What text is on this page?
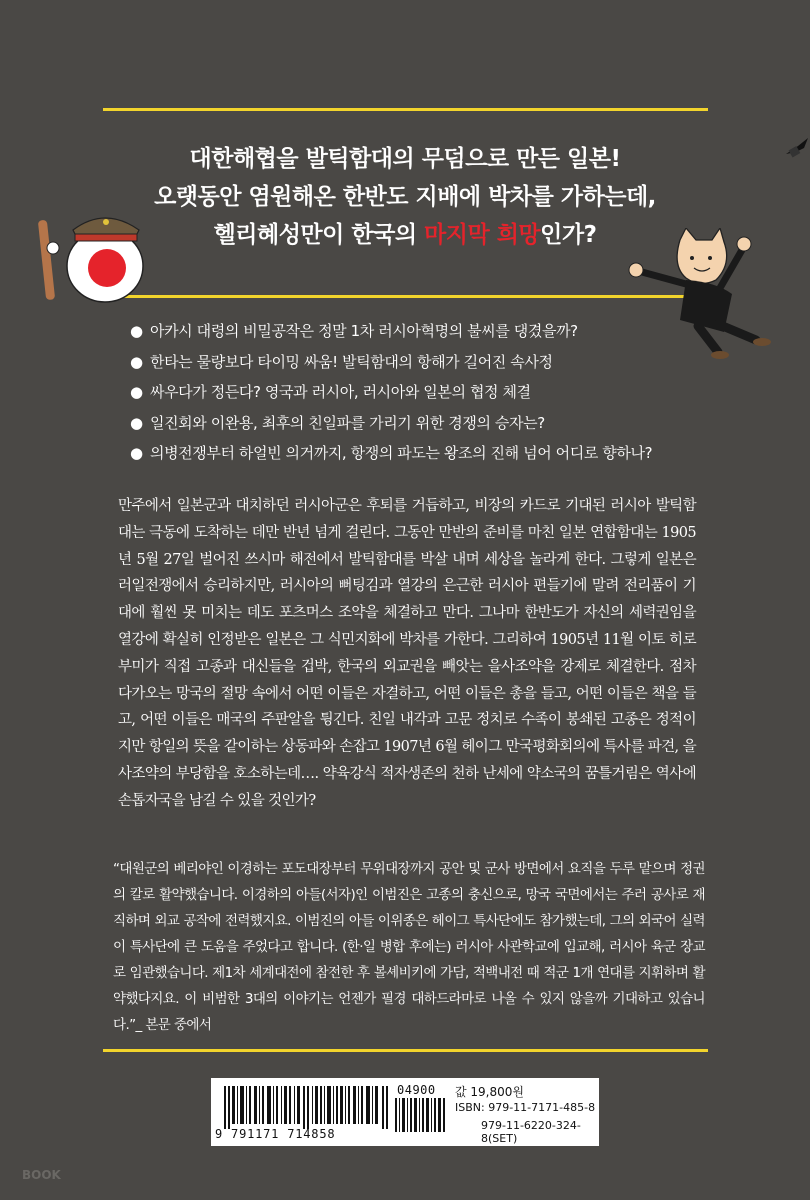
대한해협을 발틱함대의 무덤으로 만든 일본!
오랫동안 염원해온 한반도 지배에 박차를 가하는데,
헬리혜성만이 한국의 마지막 희망인가?
● 아카시 대령의 비밀공작은 정말 1차 러시아혁명의 불씨를 댕겼을까?
● 한타는 물량보다 타이밍 싸움! 발틱함대의 항해가 길어진 속사정
● 싸우다가 정든다? 영국과 러시아, 러시아와 일본의 협정 체결
● 일진회와 이완용, 최후의 친일파를 가리기 위한 경쟁의 승자는?
● 의병전쟁부터 하얼빈 의거까지, 항쟁의 파도는 왕조의 진해 넘어 어디로 향하나?

만주에서 일본군과 대치하던 러시아군은 후퇴를 거듭하고, 비장의 카드로 기대된 러시아 발틱함대는 극동에 도착하는 데만 반년 넘게 걸린다. 그동안 만반의 준비를 마친 일본 연합함대는 1905년 5월 27일 벌어진 쓰시마 해전에서 발틱함대를 박살 내며 세상을 놀라게 한다. 그렇게 일본은 러일전쟁에서 승리하지만, 러시아의 뻐팅김과 열강의 은근한 러시아 편들기에 말려 전리품이 기대에 훨씬 못 미치는 데도 포츠머스 조약을 체결하고 만다. 그나마 한반도가 자신의 세력권임을 열강에 확실히 인정받은 일본은 그 식민지화에 박차를 가한다. 그리하여 1905년 11월 이토 히로부미가 직접 고종과 대신들을 겁박, 한국의 외교권을 빼앗는 을사조약을 강제로 체결한다. 점차 다가오는 망국의 절망 속에서 어떤 이들은 자결하고, 어떤 이들은 총을 들고, 어떤 이들은 책을 들고, 어떤 이들은 매국의 주판알을 튕긴다. 친일 내각과 고문 정치로 수족이 봉쇄된 고종은 정적이지만 항일의 뜻을 같이하는 상동파와 손잡고 1907년 6월 헤이그 만국평화회의에 특사를 파견, 을사조약의 부당함을 호소하는데…. 약육강식 적자생존의 천하 난세에 약소국의 꿈틀거림은 역사에 손톱자국을 남길 수 있을 것인가?

“대원군의 베리야인 이경하는 포도대장부터 무위대장까지 공안 및 군사 방면에서 요직을 두루 맡으며 정권의 칼로 활약했습니다. 이경하의 아들(서자)인 이범진은 고종의 충신으로, 망국 국면에서는 주러 공사로 재직하며 외교 공작에 전력했지요. 이범진의 아들 이위종은 헤이그 특사단에도 참가했는데, 그의 외국어 실력이 특사단에 큰 도움을 주었다고 합니다. (한·일 병합 후에는) 러시아 사관학교에 입교해, 러시아 육군 장교로 임관했습니다. 제1차 세계대전에 참전한 후 볼셰비키에 가담, 적백내전 때 적군 1개 연대를 지휘하며 활약했다지요. 이 비범한 3대의 이야기는 언젠가 필경 대하드라마로 나올 수 있지 않을까 기대하고 있습니다.”_ 본문 중에서

9 791171 714858
04900 값 19,800원
ISBN: 979-11-7171-485-8
979-11-6220-324-8(SET)
BOOK
